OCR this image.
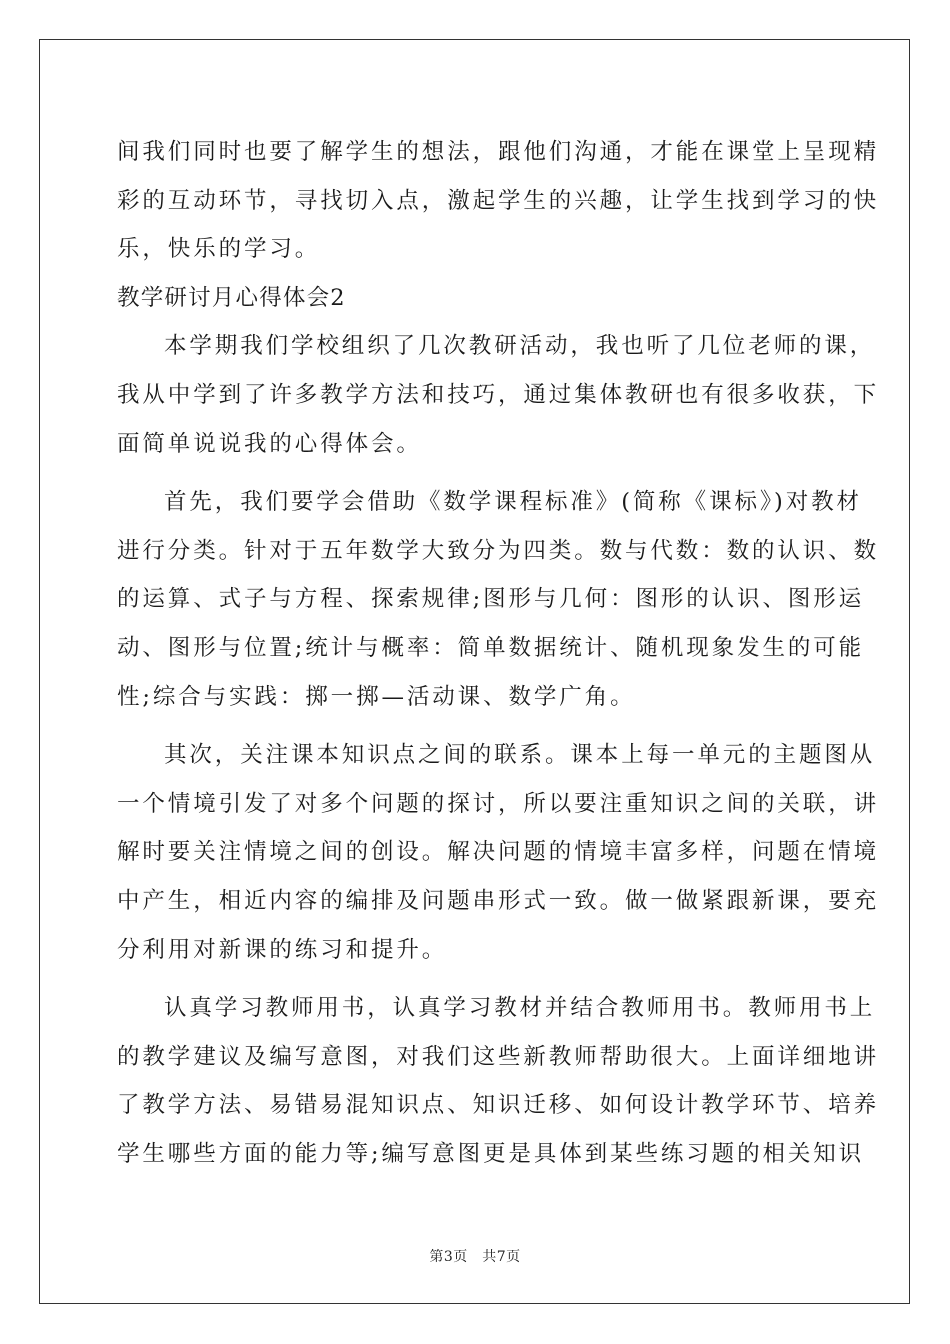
间我们同时也要了解学生的想法，跟他们沟通，才能在课堂上呈现精
彩的互动环节，寻找切入点，激起学生的兴趣，让学生找到学习的快
乐，快乐的学习。
教学研讨月心得体会2
本学期我们学校组织了几次教研活动，我也听了几位老师的课，
我从中学到了许多教学方法和技巧，通过集体教研也有很多收获，下
面简单说说我的心得体会。
首先，我们要学会借助《数学课程标准》(简称《课标》)对教材
进行分类。针对于五年数学大致分为四类。数与代数：数的认识、数
的运算、式子与方程、探索规律;图形与几何：图形的认识、图形运
动、图形与位置;统计与概率：简单数据统计、随机现象发生的可能
性;综合与实践：掷一掷—活动课、数学广角。
其次，关注课本知识点之间的联系。课本上每一单元的主题图从
一个情境引发了对多个问题的探讨，所以要注重知识之间的关联，讲
解时要关注情境之间的创设。解决问题的情境丰富多样，问题在情境
中产生，相近内容的编排及问题串形式一致。做一做紧跟新课，要充
分利用对新课的练习和提升。
认真学习教师用书，认真学习教材并结合教师用书。教师用书上
的教学建议及编写意图，对我们这些新教师帮助很大。上面详细地讲
了教学方法、易错易混知识点、知识迁移、如何设计教学环节、培养
学生哪些方面的能力等;编写意图更是具体到某些练习题的相关知识
第3页　共7页
